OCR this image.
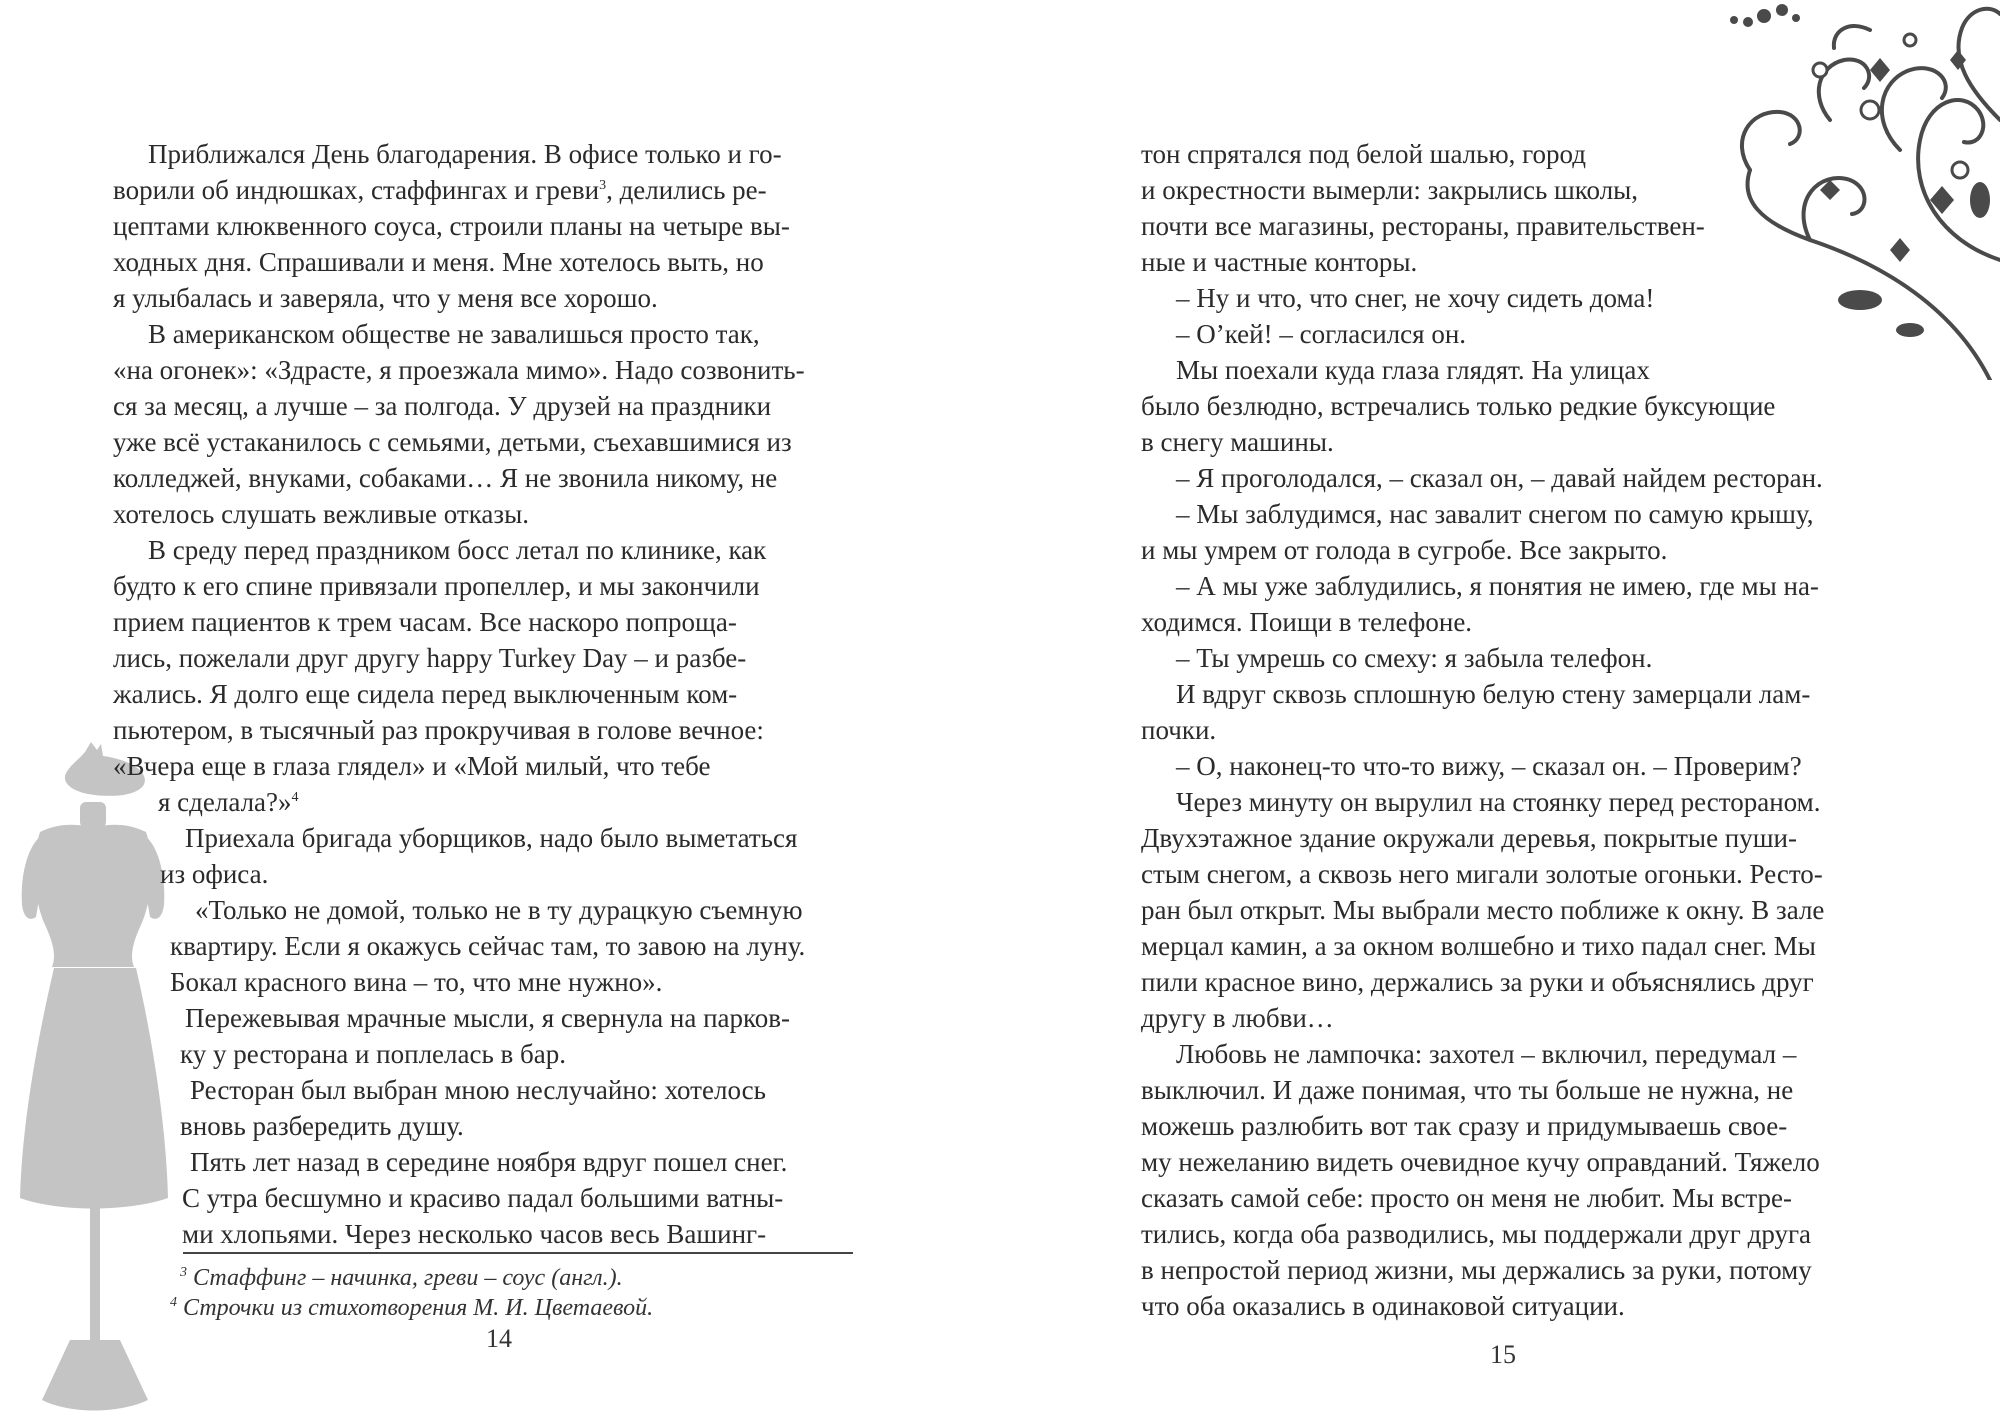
Приближался День благодарения. В офисе только и го-
ворили об индюшках, стаффингах и греви$^3$, делились ре-
цептами клюквенного соуса, строили планы на четыре вы-
ходных дня. Спрашивали и меня. Мне хотелось выть, но
я улыбалась и заверяла, что у меня все хорошо.
В американском обществе не завалишься просто так,
«на огонек»: «Здрасте, я проезжала мимо». Надо созвонить-
ся за месяц, а лучше – за полгода. У друзей на праздники
уже всё устаканилось с семьями, детьми, съехавшимися из
колледжей, внуками, собаками… Я не звонила никому, не
хотелось слушать вежливые отказы.
В среду перед праздником босс летал по клинике, как
будто к его спине привязали пропеллер, и мы закончили
прием пациентов к трем часам. Все наскоро попроща-
лись, пожелали друг другу happy Turkey Day – и разбе-
жались. Я долго еще сидела перед выключенным ком-
пьютером, в тысячный раз прокручивая в голове вечное:
«Вчера еще в глаза глядел» и «Мой милый, что тебе
я сделала?»$^4$
Приехала бригада уборщиков, надо было выметаться
из офиса.
«Только не домой, только не в ту дурацкую съемную
квартиру. Если я окажусь сейчас там, то завою на луну.
Бокал красного вина – то, что мне нужно».
Пережевывая мрачные мысли, я свернула на парков-
ку у ресторана и поплелась в бар.
Ресторан был выбран мною неслучайно: хотелось
вновь разбередить душу.
Пять лет назад в середине ноября вдруг пошел снег.
С утра бесшумно и красиво падал большими ватны-
ми хлопьями. Через несколько часов весь Вашинг-
$^3$ Стаффинг – начинка, греви – соус (англ.).
$^4$ Строчки из стихотворения М. И. Цветаевой.
14
тон спрятался под белой шалью, город
и окрестности вымерли: закрылись школы,
почти все магазины, рестораны, правительствен-
ные и частные конторы.
– Ну и что, что снег, не хочу сидеть дома!
– О’кей! – согласился он.
Мы поехали куда глаза глядят. На улицах
было безлюдно, встречались только редкие буксующие
в снегу машины.
– Я проголодался, – сказал он, – давай найдем ресторан.
– Мы заблудимся, нас завалит снегом по самую крышу,
и мы умрем от голода в сугробе. Все закрыто.
– А мы уже заблудились, я понятия не имею, где мы на-
ходимся. Поищи в телефоне.
– Ты умрешь со смеху: я забыла телефон.
И вдруг сквозь сплошную белую стену замерцали лам-
почки.
– О, наконец-то что-то вижу, – сказал он. – Проверим?
Через минуту он вырулил на стоянку перед рестораном.
Двухэтажное здание окружали деревья, покрытые пуши-
стым снегом, а сквозь него мигали золотые огоньки. Ресто-
ран был открыт. Мы выбрали место поближе к окну. В зале
мерцал камин, а за окном волшебно и тихо падал снег. Мы
пили красное вино, держались за руки и объяснялись друг
другу в любви…
Любовь не лампочка: захотел – включил, передумал –
выключил. И даже понимая, что ты больше не нужна, не
можешь разлюбить вот так сразу и придумываешь свое-
му нежеланию видеть очевидное кучу оправданий. Тяжело
сказать самой себе: просто он меня не любит. Мы встре-
тились, когда оба разводились, мы поддержали друг друга
в непростой период жизни, мы держались за руки, потому
что оба оказались в одинаковой ситуации.
15
